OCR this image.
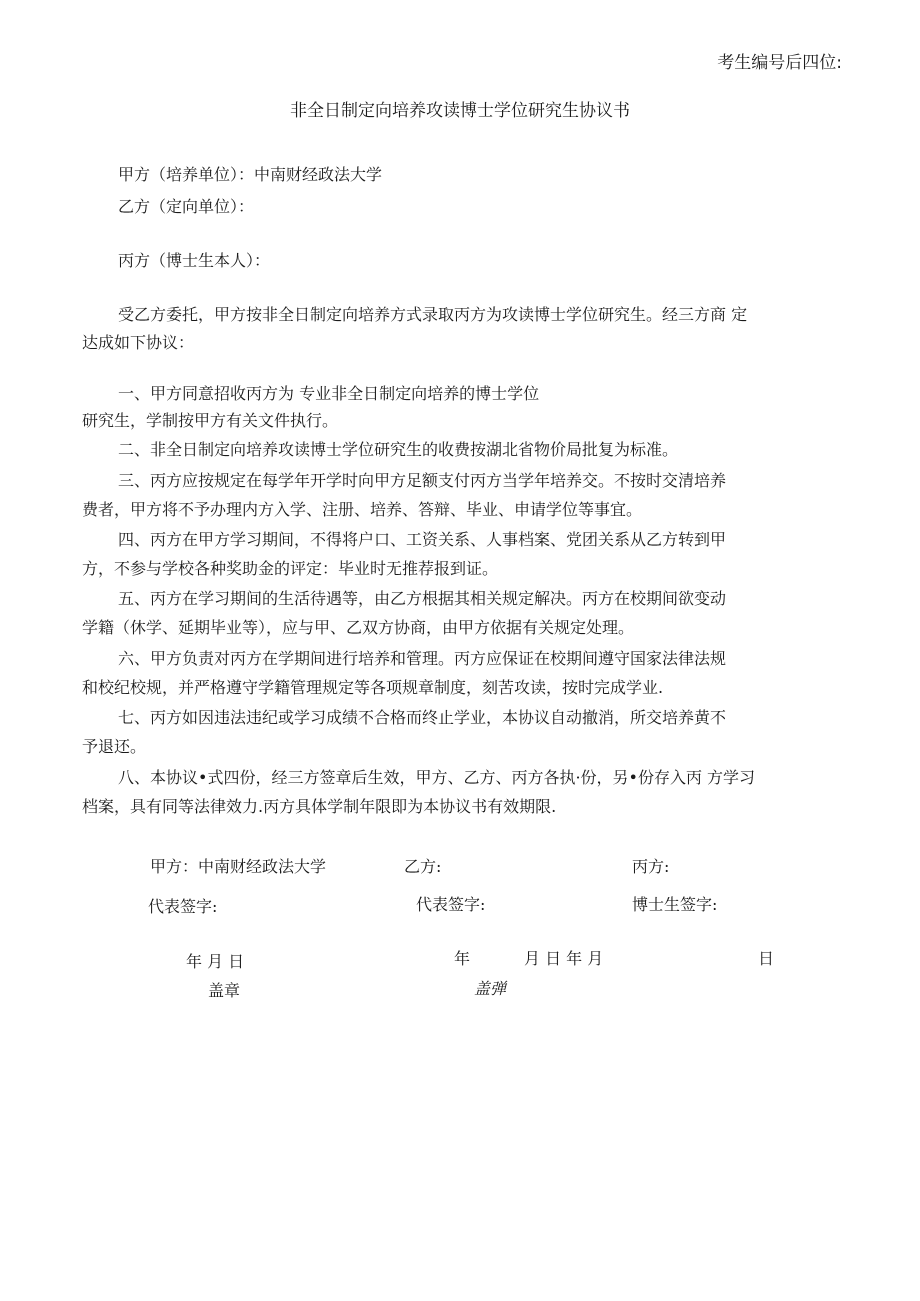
考生编号后四位:
非全日制定向培养攻读博士学位研究生协议书
甲方（培养单位）：中南财经政法大学
乙方（定向单位）：
丙方（博士生本人）：
受乙方委托，甲方按非全日制定向培养方式录取丙方为攻读博士学位研究生。经三方商 定
达成如下协议：
一、甲方同意招收丙方为 专业非全日制定向培养的博士学位
研究生，学制按甲方有关文件执行。
二、非全日制定向培养攻读博士学位研究生的收费按湖北省物价局批复为标准。
三、丙方应按规定在每学年开学时向甲方足额支付丙方当学年培养交。不按时交清培养
费者，甲方将不予办理内方入学、注册、培养、答辩、毕业、申请学位等事宜。
四、丙方在甲方学习期间，不得将户口、工资关系、人事档案、党团关系从乙方转到甲
方，不参与学校各种奖助金的评定：毕业时无推荐报到证。
五、丙方在学习期间的生活待遇等，由乙方根据其相关规定解决。丙方在校期间欲变动
学籍（休学、延期毕业等），应与甲、乙双方协商，由甲方依据有关规定处理。
六、甲方负责对丙方在学期间进行培养和管理。丙方应保证在校期间遵守国家法律法规
和校纪校规，并严格遵守学籍管理规定等各项规章制度，刻苦攻读，按时完成学业.
七、丙方如因违法违纪或学习成绩不合格而终止学业，本协议自动撤消，所交培养黄不
予退还。
八、本协议•式四份，经三方签章后生效，甲方、乙方、丙方各执·份，另•份存入丙 方学习
档案，具有同等法律效力.丙方具体学制年限即为本协议书有效期限.
甲方：中南财经政法大学	乙方:	丙方:
代表签字:	代表签字:	博士生签字:
年 月 日	年	月 日 年 月	日
盖章	盖弹
